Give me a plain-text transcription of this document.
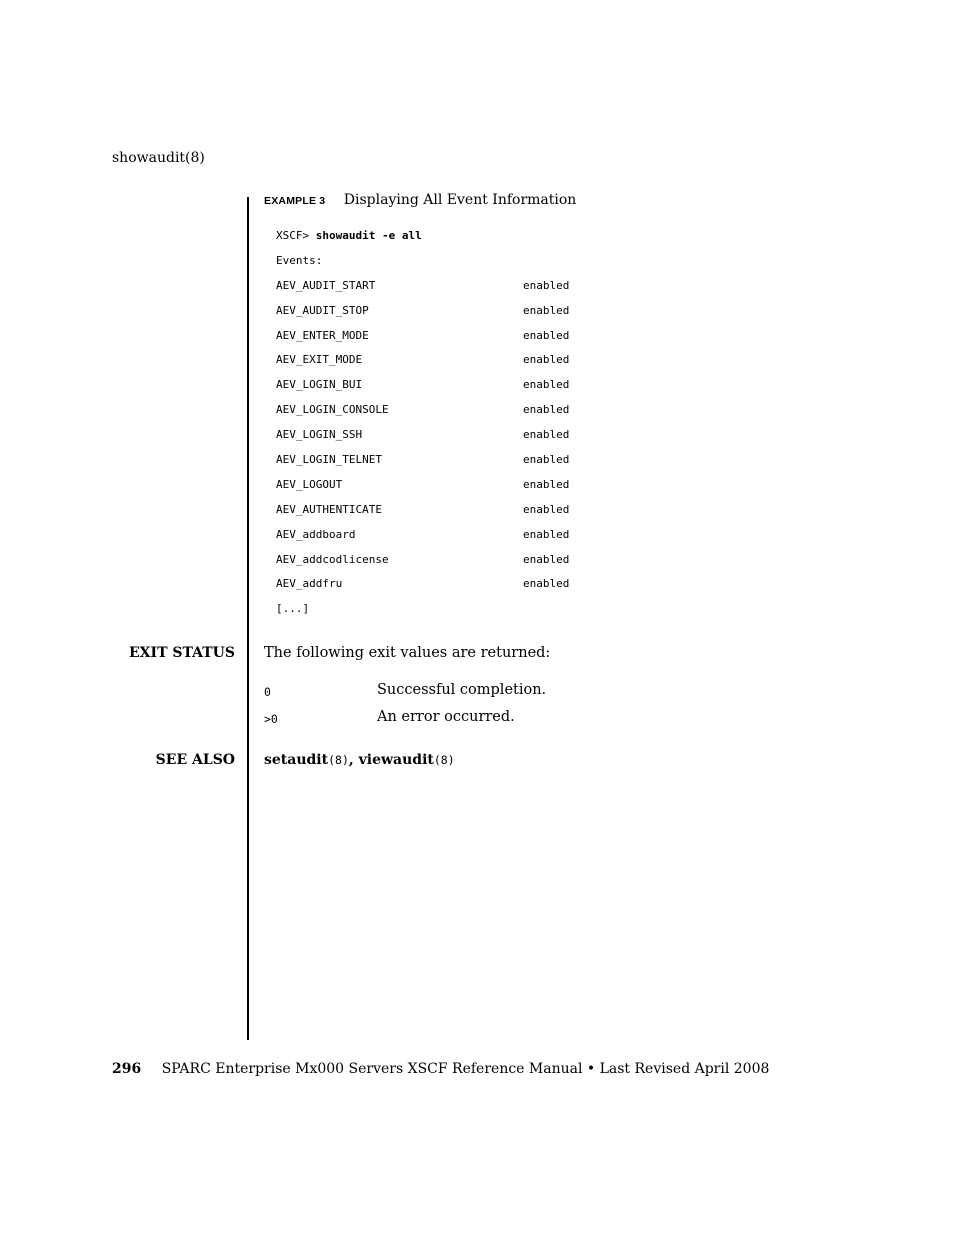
showaudit(8)
EXAMPLE 3 Displaying All Event Information
XSCF> showaudit -e all
Events:
AEV_AUDIT_START	enabled
AEV_AUDIT_STOP	enabled
AEV_ENTER_MODE	enabled
AEV_EXIT_MODE	enabled
AEV_LOGIN_BUI	enabled
AEV_LOGIN_CONSOLE	enabled
AEV_LOGIN_SSH	enabled
AEV_LOGIN_TELNET	enabled
AEV_LOGOUT	enabled
AEV_AUTHENTICATE	enabled
AEV_addboard	enabled
AEV_addcodlicense	enabled
AEV_addfru	enabled
[...]
EXIT STATUS The following exit values are returned:
0	Successful completion.
>0	An error occurred.
SEE ALSO setaudit(8), viewaudit(8)
296 SPARC Enterprise Mx000 Servers XSCF Reference Manual • Last Revised April 2008
